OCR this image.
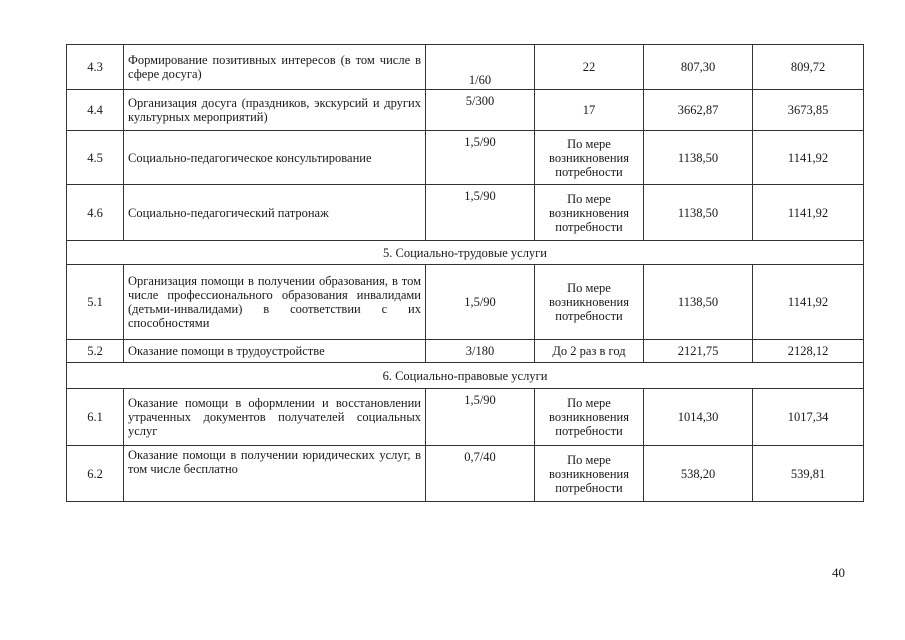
4.3	Формирование позитивных интересов (в том числе в сфере досуга)	1/60	22	807,30	809,72
4.4	Организация досуга (праздников, экскурсий и других культурных мероприятий)	5/300	17	3662,87	3673,85
4.5	Социально-педагогическое консультирование	1,5/90	По мере возникновения потребности	1138,50	1141,92
4.6	Социально-педагогический патронаж	1,5/90	По мере возникновения потребности	1138,50	1141,92
5. Социально-трудовые услуги					
5.1	Организация помощи в получении образования, в том числе профессионального образования инвалидами (детьми-инвалидами) в соответствии с их способностями	1,5/90	По мере возникновения потребности	1138,50	1141,92
5.2	Оказание помощи в трудоустройстве	3/180	До 2 раз в год	2121,75	2128,12
6. Социально-правовые услуги					
6.1	Оказание помощи в оформлении и восстановлении утраченных документов получателей социальных услуг	1,5/90	По мере возникновения потребности	1014,30	1017,34
6.2	Оказание помощи в получении юридических услуг, в том числе бесплатно	0,7/40	По мере возникновения потребности	538,20	539,81
40
